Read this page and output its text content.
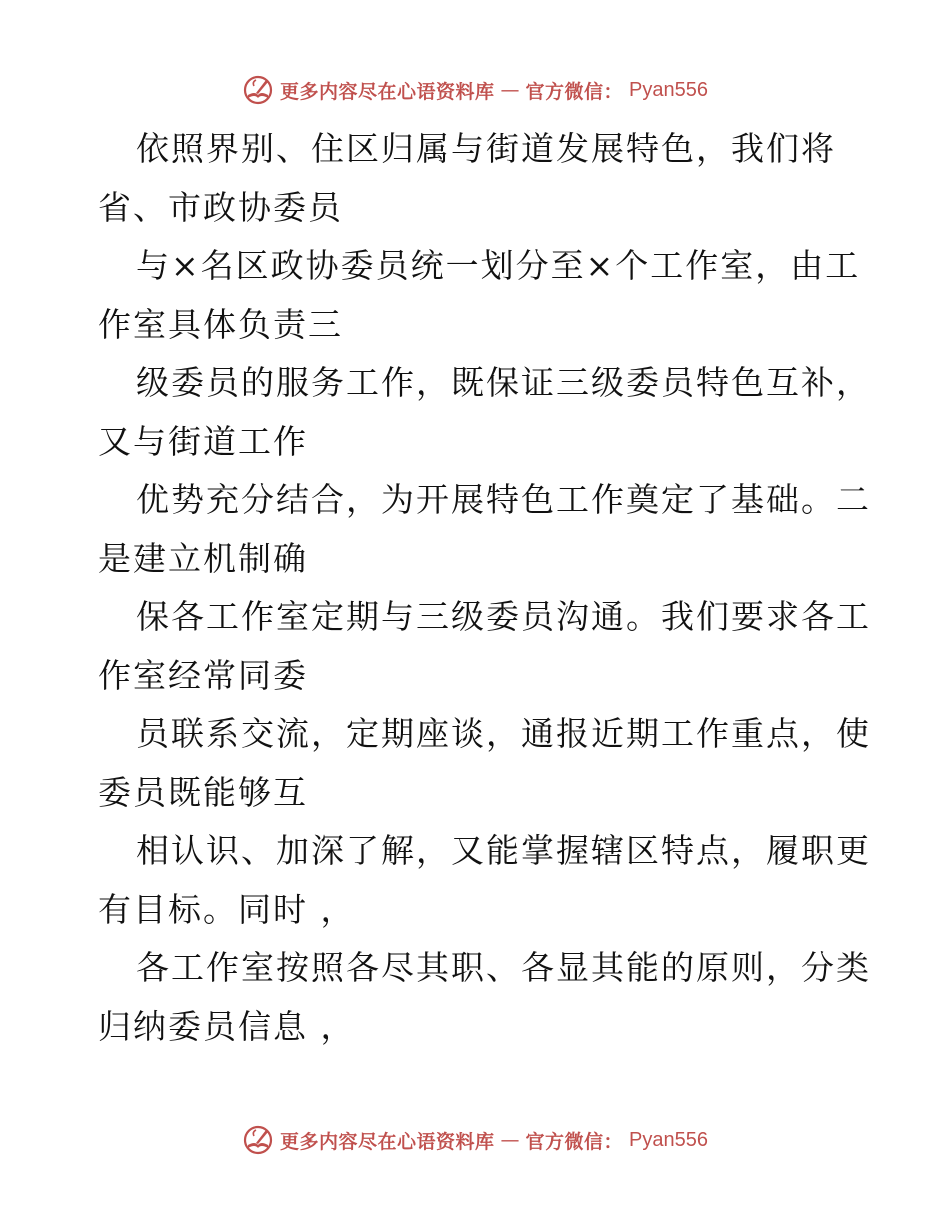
更多内容尽在心语资料库 — 官方微信： Pyan556
依照界别、住区归属与街道发展特色，我们将
省、市政协委员
与×名区政协委员统一划分至×个工作室，由工
作室具体负责三
级委员的服务工作，既保证三级委员特色互补，
又与街道工作
优势充分结合，为开展特色工作奠定了基础。二
是建立机制确
保各工作室定期与三级委员沟通。我们要求各工
作室经常同委
员联系交流，定期座谈，通报近期工作重点，使
委员既能够互
相认识、加深了解，又能掌握辖区特点，履职更
有目标。同时 ，
各工作室按照各尽其职、各显其能的原则，分类
归纳委员信息 ，
更多内容尽在心语资料库 — 官方微信： Pyan556
